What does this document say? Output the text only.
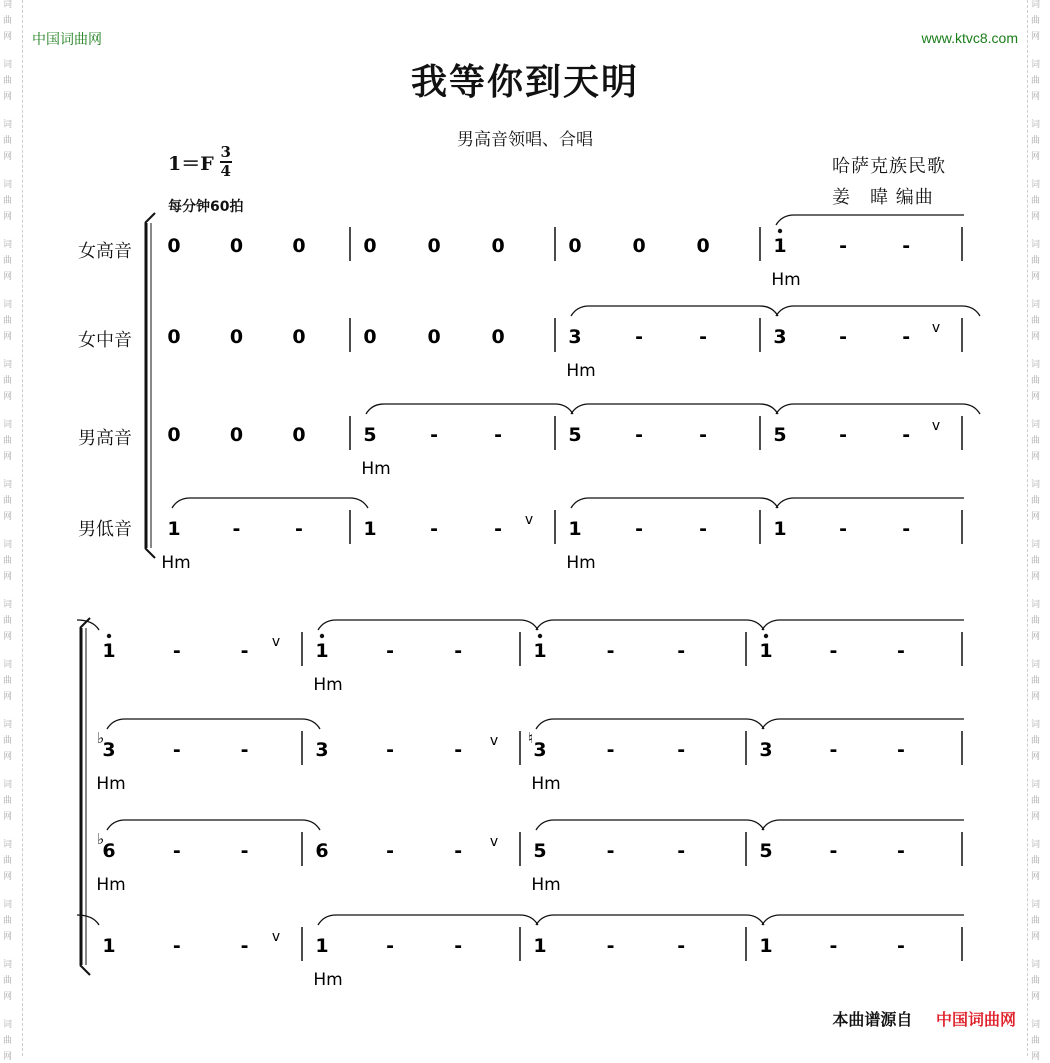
词
曲
网
词
曲
网
词
曲
网
词
曲
网
词
曲
网
词
曲
网
词
曲
网
词
曲
网
词
曲
网
词
曲
网
词
曲
网
词
曲
网
词
曲
网
词
曲
网
词
曲
网
词
曲
网
词
曲
网
词
曲
网
词
曲
网
词
曲
网
词
曲
网
词
曲
网
词
曲
网
词
曲
网
词
曲
网
词
曲
网
词
曲
网
词
曲
网
词
曲
网
词
曲
网
词
曲
网
词
曲
网
词
曲
网
词
曲
网
词
曲
网
词
曲
网
中国词曲网	www.ktvc8.com
我等你到天明
男高音领唱、合唱
$1=F \frac{3}{4}$
每分钟60拍
哈萨克族民歌
姜　暐 编曲
女高音
女中音
男高音
男低音
0	0	0	0	0	0	0	0	0	1	-	-
Hm
0	0	0	0	0	0	3	-	-	3	-	- v
Hm
0	0	0	5	-	-	5	-	-	5	-	- v
Hm
1	-	-	1	-	- v 1	-	-	1	-	-
Hm	Hm
1	-	- v 1	-	-	1	-	-	1	-	-
Hm
♭
3	-	-	3	-	- v ♮
3	-	-	3	-	-
Hm	Hm
♭
6	-	-	6	-	- v 5	-	-	5	-	-
Hm	Hm
1	-	- v 1	-	-	1	-	-	1	-	-
Hm
本曲谱源自 中国词曲网
